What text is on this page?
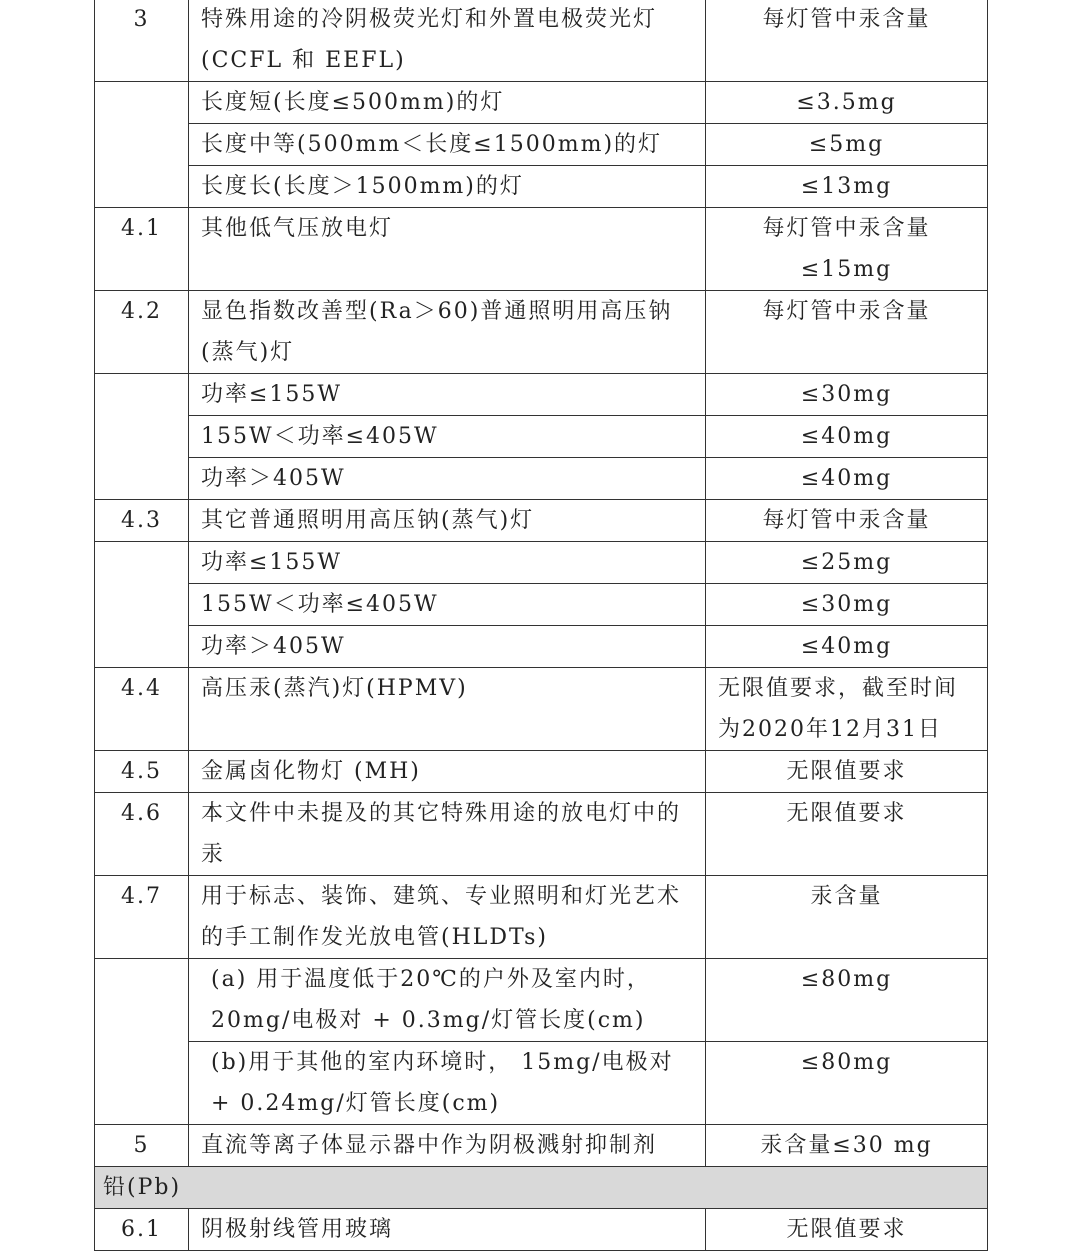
3	特殊用途的冷阴极荧光灯和外置电极荧光灯(CCFL 和 EEFL)	每灯管中汞含量
	长度短(长度≤500mm)的灯	≤3.5mg
	长度中等(500mm＜长度≤1500mm)的灯	≤5mg
	长度长(长度＞1500mm)的灯	≤13mg
4.1	其他低气压放电灯	每灯管中汞含量≤15mg
4.2	显色指数改善型(Ra＞60)普通照明用高压钠(蒸气)灯	每灯管中汞含量
	功率≤155W	≤30mg
	155W＜功率≤405W	≤40mg
	功率＞405W	≤40mg
4.3	其它普通照明用高压钠(蒸气)灯	每灯管中汞含量
	功率≤155W	≤25mg
	155W＜功率≤405W	≤30mg
	功率＞405W	≤40mg
4.4	高压汞(蒸汽)灯(HPMV)	无限值要求，截至时间为2020年12月31日
4.5	金属卤化物灯 (MH)	无限值要求
4.6	本文件中未提及的其它特殊用途的放电灯中的汞	无限值要求
4.7	用于标志、装饰、建筑、专业照明和灯光艺术的手工制作发光放电管(HLDTs)	汞含量
	(a) 用于温度低于20℃的户外及室内时，20mg/电极对 + 0.3mg/灯管长度(cm)	≤80mg
	(b)用于其他的室内环境时， 15mg/电极对 + 0.24mg/灯管长度(cm)	≤80mg
5	直流等离子体显示器中作为阴极溅射抑制剂	汞含量≤30 mg
铅(Pb)		
6.1	阴极射线管用玻璃	无限值要求
